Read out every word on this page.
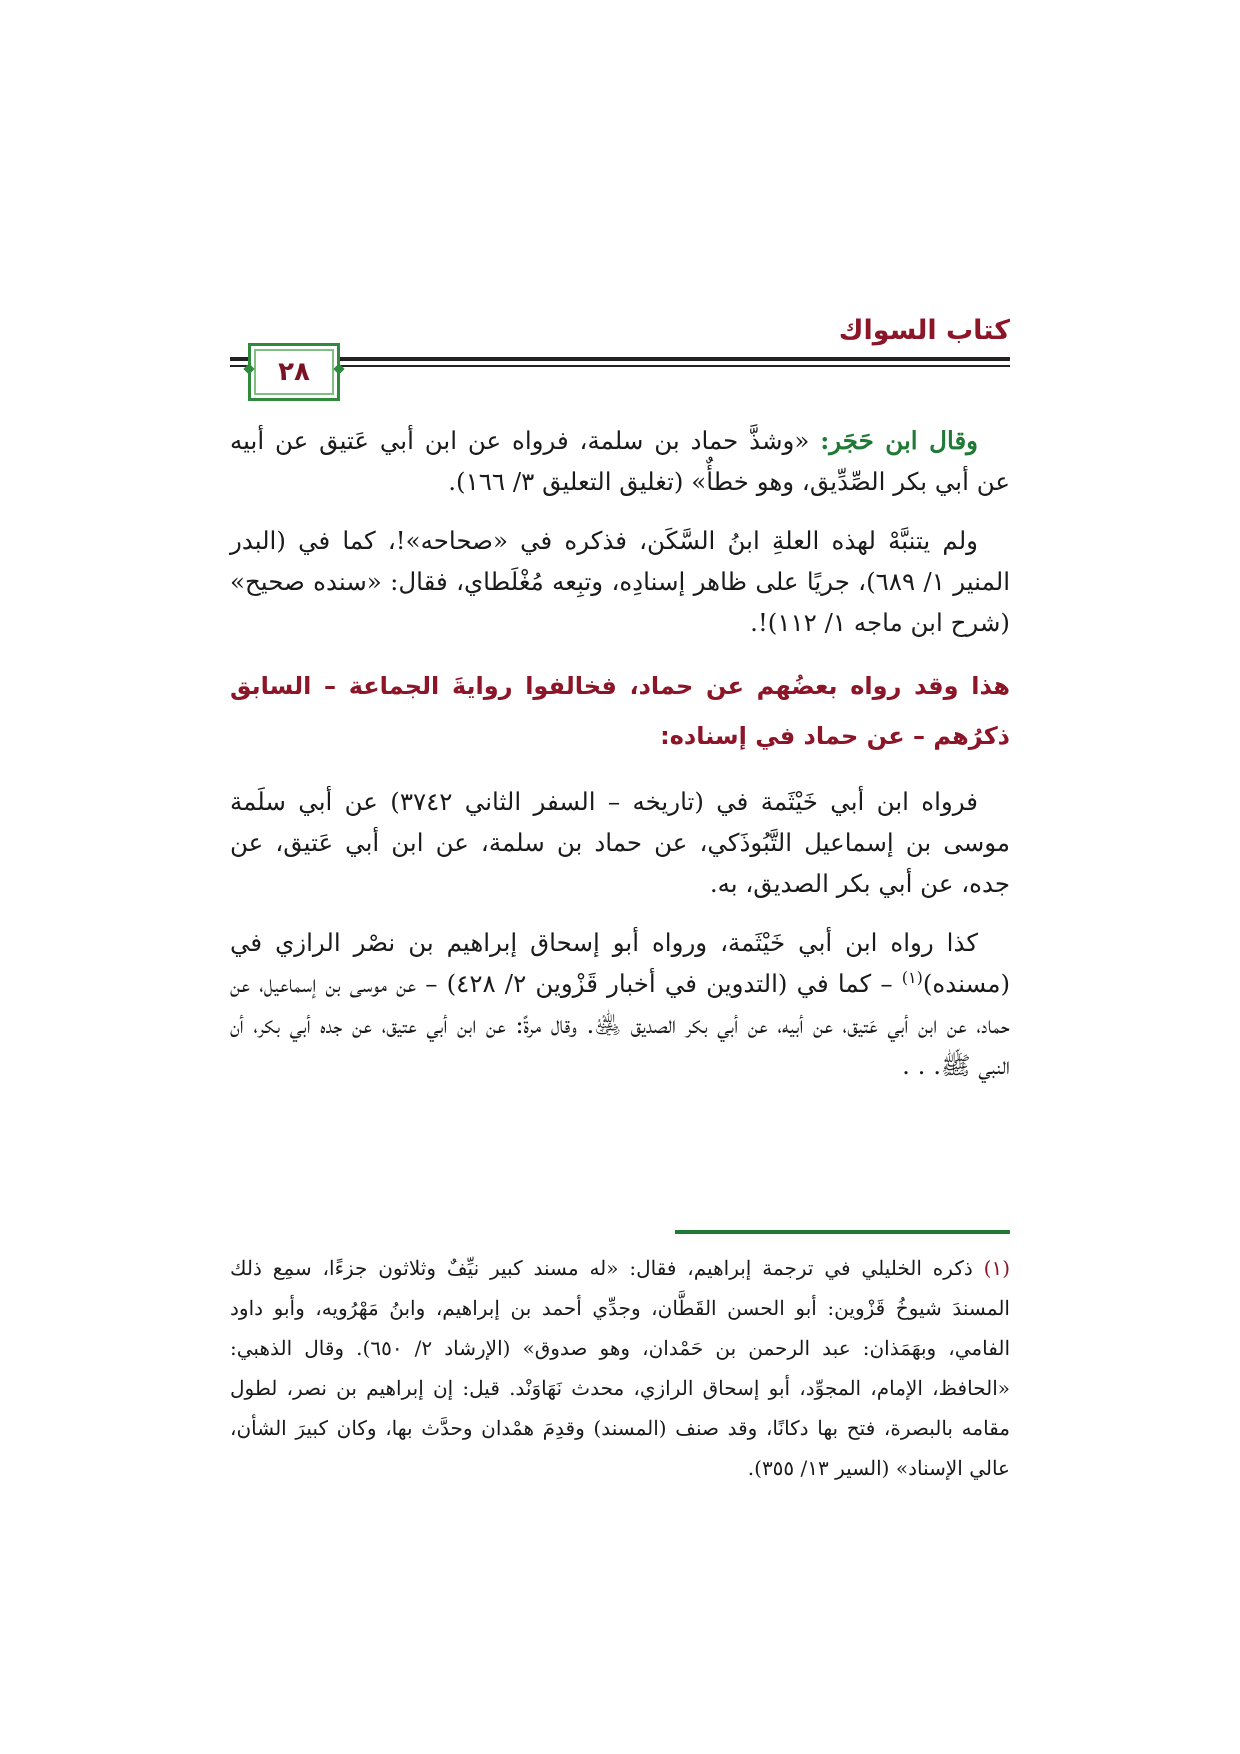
كتاب السواك
٢٨

وقال ابن حَجَر: «وشذَّ حماد بن سلمة، فرواه عن ابن أبي عَتيق عن أبيه عن أبي بكر الصِّدِّيق، وهو خطأٌ» (تغليق التعليق ٣/ ١٦٦).

ولم يتنبَّهْ لهذه العلةِ ابنُ السَّكَن، فذكره في «صحاحه»!، كما في (البدر المنير ١/ ٦٨٩)، جريًا على ظاهر إسنادِه، وتبِعه مُغْلَطاي، فقال: «سنده صحيح» (شرح ابن ماجه ١/ ١١٢)!.

هذا وقد رواه بعضُهم عن حماد، فخالفوا روايةَ الجماعة – السابق ذكرُهم – عن حماد في إسناده:

فرواه ابن أبي خَيْثَمة في (تاريخه – السفر الثاني ٣٧٤٢) عن أبي سلَمة موسى بن إسماعيل التَّبُوذَكي، عن حماد بن سلمة، عن ابن أبي عَتيق، عن جده، عن أبي بكر الصديق، به.

كذا رواه ابن أبي خَيْثَمة، ورواه أبو إسحاق إبراهيم بن نصْر الرازي في (مسنده)$^{(١)}$ – كما في (التدوين في أخبار قَزْوين ٢/ ٤٢٨) – عن موسى بن إسماعيل، عن حماد، عن ابن أبي عَتيق، عن أبيه، عن أبي بكر الصديق ﵁. وقال مرةً: عن ابن أبي عتيق، عن جده أبي بكر، أن النبي ﷺ. . .

(١) ذكره الخليلي في ترجمة إبراهيم، فقال: «له مسند كبير نيِّفٌ وثلاثون جزءًا، سمِع ذلك المسندَ شيوخُ قَزْوين: أبو الحسن القَطَّان، وجدِّي أحمد بن إبراهيم، وابنُ مَهْرُويه، وأبو داود الفامي، وبهَمَذان: عبد الرحمن بن حَمْدان، وهو صدوق» (الإرشاد ٢/ ٦٥٠). وقال الذهبي: «الحافظ، الإمام، المجوِّد، أبو إسحاق الرازي، محدث نَهَاوَنْد. قيل: إن إبراهيم بن نصر، لطول مقامه بالبصرة، فتح بها دكانًا، وقد صنف (المسند) وقدِمَ همْدان وحدَّث بها، وكان كبيرَ الشأن، عالي الإسناد» (السير ١٣/ ٣٥٥).
